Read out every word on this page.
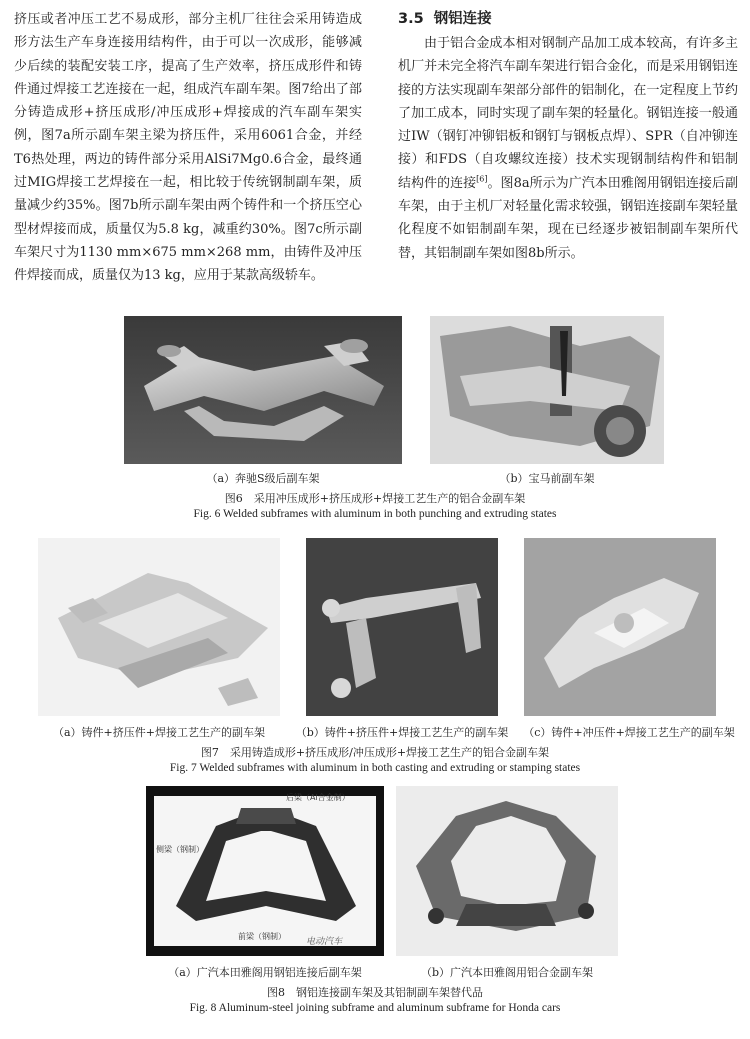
挤压或者冲压工艺不易成形，部分主机厂往往会采用铸造成形方法生产车身连接用结构件，由于可以一次成形，能够减少后续的装配安装工序，提高了生产效率，挤压成形件和铸件通过焊接工艺连接在一起，组成汽车副车架。图7给出了部分铸造成形+挤压成形/冲压成形+焊接成的汽车副车架实例，图7a所示副车架主梁为挤压件，采用6061合金，并经T6热处理，两边的铸件部分采用AlSi7Mg0.6合金，最终通过MIG焊接工艺焊接在一起，相比较于传统钢制副车架，质量减少约35%。图7b所示副车架由两个铸件和一个挤压空心型材焊接而成，质量仅为5.8 kg，减重约30%。图7c所示副车架尺寸为1130 mm×675 mm×268 mm，由铸件及冲压件焊接而成，质量仅为13 kg，应用于某款高级轿车。

3.5 钢铝连接

由于铝合金成本相对钢制产品加工成本较高，有许多主机厂并未完全将汽车副车架进行铝合金化，而是采用钢铝连接的方法实现副车架部分部件的铝制化，在一定程度上节约了加工成本，同时实现了副车架的轻量化。钢铝连接一般通过IW（钢钉冲铆铝板和钢钉与钢板点焊）、SPR（自冲铆连接）和FDS（自攻螺纹连接）技术实现钢制结构件和铝制结构件的连接[6]。图8a所示为广汽本田雅阁用钢铝连接后副车架，由于主机厂对轻量化需求较强，钢铝连接副车架轻量化程度不如铝制副车架，现在已经逐步被铝制副车架所代替，其铝制副车架如图8b所示。

（a）奔驰S级后副车架	（b）宝马前副车架
图6　采用冲压成形+挤压成形+焊接工艺生产的铝合金副车架
Fig. 6 Welded subframes with aluminum in both punching and extruding states
（a）铸件+挤压件+焊接工艺生产的副车架	（b）铸件+挤压件+焊接工艺生产的副车架	（c）铸件+冲压件+焊接工艺生产的副车架
图7　采用铸造成形+挤压成形/冲压成形+焊接工艺生产的铝合金副车架
Fig. 7 Welded subframes with aluminum in both casting and extruding or stamping states
后梁（Al合金制）
侧梁（钢制）
前梁（钢制）
电动汽车
（a）广汽本田雅阁用钢铝连接后副车架	（b）广汽本田雅阁用铝合金副车架
图8　钢铝连接副车架及其铝制副车架替代品
Fig. 8 Aluminum-steel joining subframe and aluminum subframe for Honda cars
